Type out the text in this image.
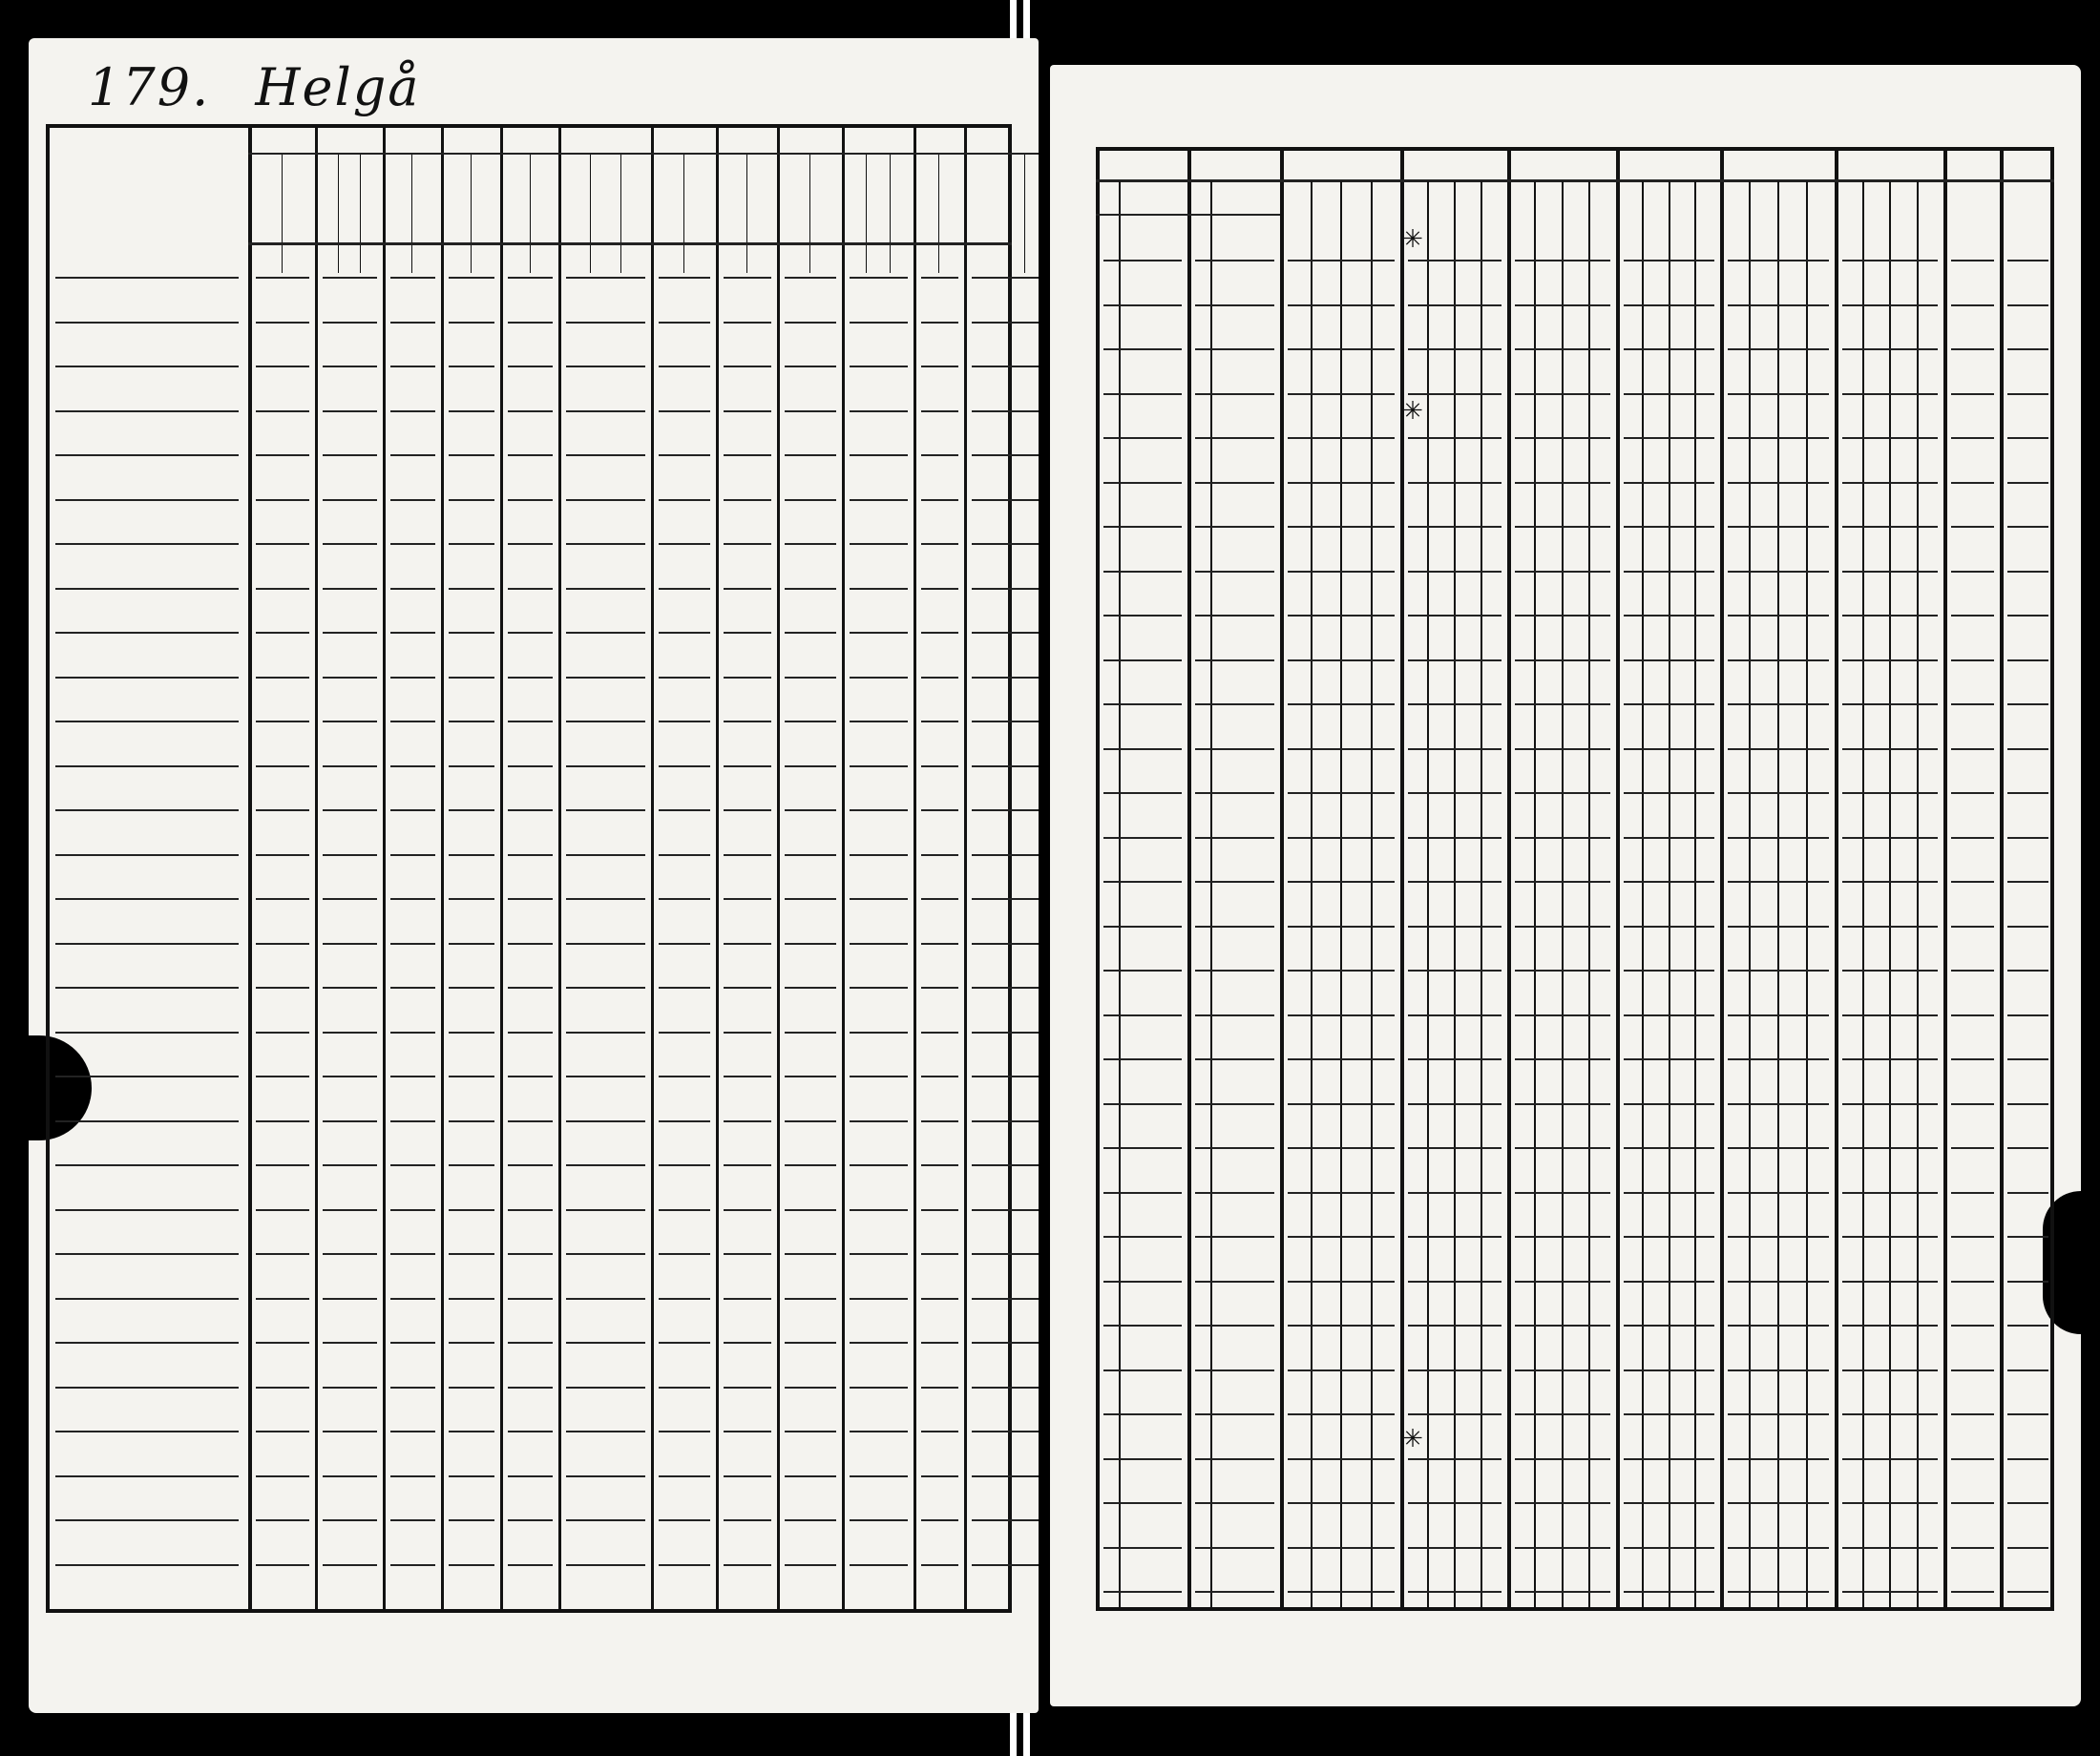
179. Helgå
✳
✳
✳
